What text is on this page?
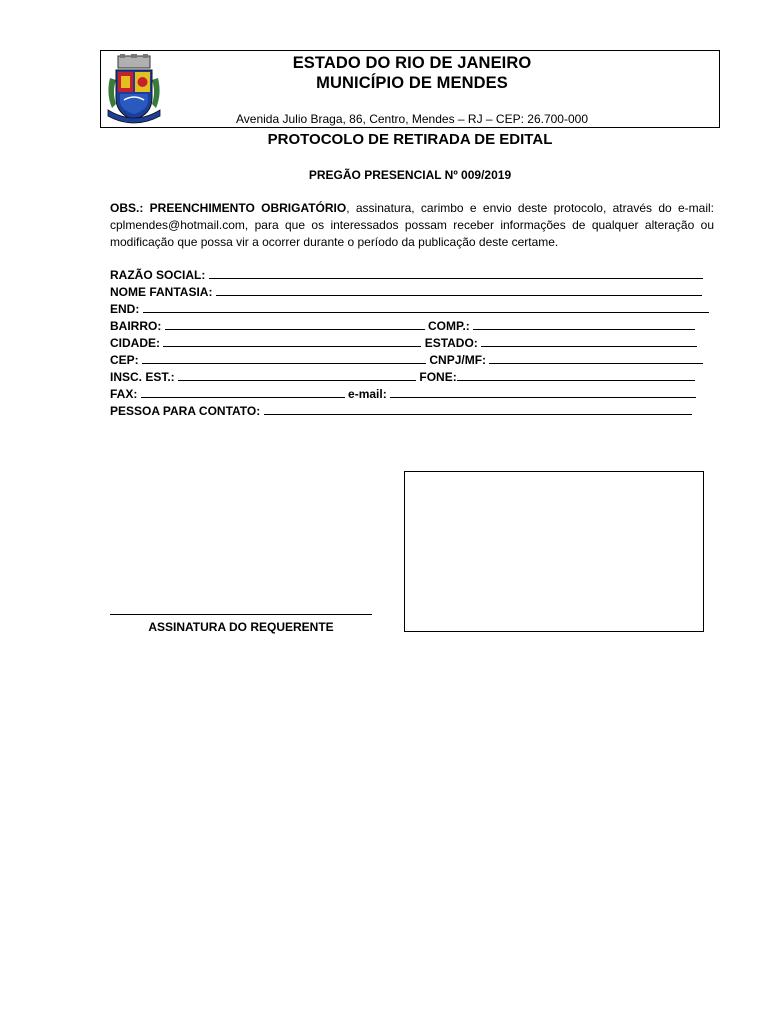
ESTADO DO RIO DE JANEIRO
MUNICÍPIO DE MENDES
Avenida Julio Braga, 86, Centro, Mendes – RJ – CEP: 26.700-000
PROTOCOLO DE RETIRADA DE EDITAL
PREGÃO PRESENCIAL Nº 009/2019
OBS.: PREENCHIMENTO OBRIGATÓRIO, assinatura, carimbo e envio deste protocolo, através do e-mail: cplmendes@hotmail.com, para que os interessados possam receber informações de qualquer alteração ou modificação que possa vir a ocorrer durante o período da publicação deste certame.
RAZÃO SOCIAL:
NOME FANTASIA:
END:
BAIRRO:	COMP.:
CIDADE:	ESTADO:
CEP:	CNPJ/MF:
INSC. EST.:	FONE:
FAX:	e-mail:
PESSOA PARA CONTATO:
ASSINATURA DO REQUERENTE
